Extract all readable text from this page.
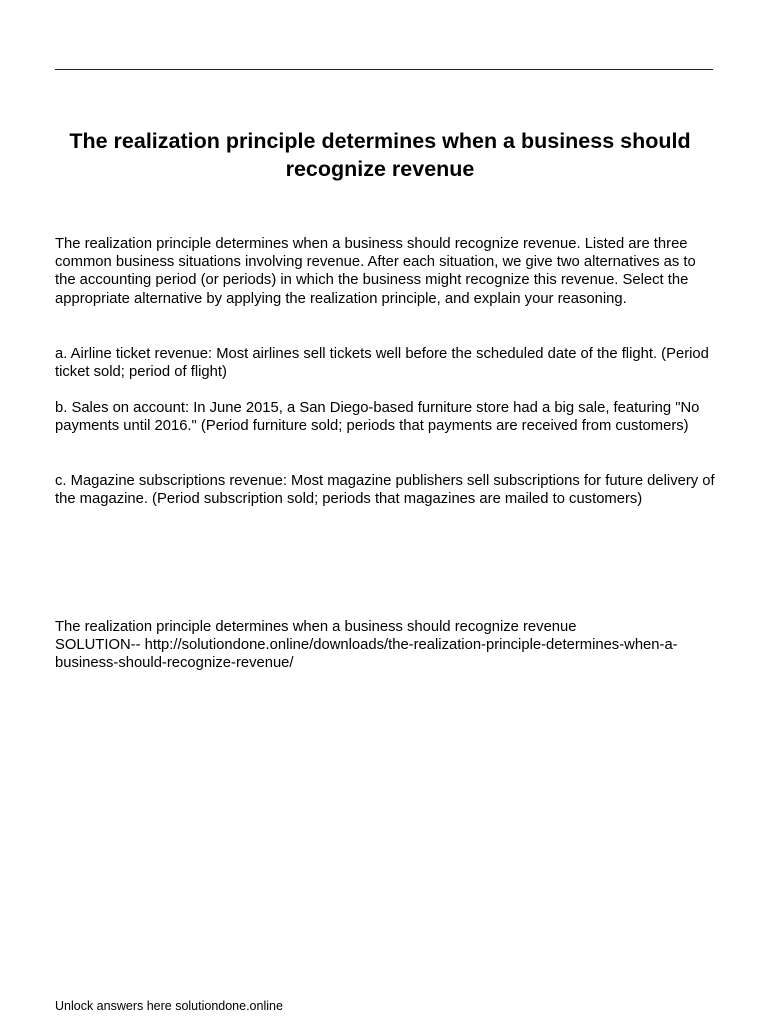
The realization principle determines when a business should recognize revenue

The realization principle determines when a business should recognize revenue. Listed are three common business situations involving revenue. After each situation, we give two alternatives as to the accounting period (or periods) in which the business might recognize this revenue. Select the appropriate alternative by applying the realization principle, and explain your reasoning.

a. Airline ticket revenue: Most airlines sell tickets well before the scheduled date of the flight. (Period ticket sold; period of flight)

b. Sales on account: In June 2015, a San Diego-based furniture store had a big sale, featuring "No payments until 2016." (Period furniture sold; periods that payments are received from customers)

c. Magazine subscriptions revenue: Most magazine publishers sell subscriptions for future delivery of the magazine. (Period subscription sold; periods that magazines are mailed to customers)

The realization principle determines when a business should recognize revenue
SOLUTION-- http://solutiondone.online/downloads/the-realization-principle-determines-when-a-business-should-recognize-revenue/

Unlock answers here solutiondone.online
